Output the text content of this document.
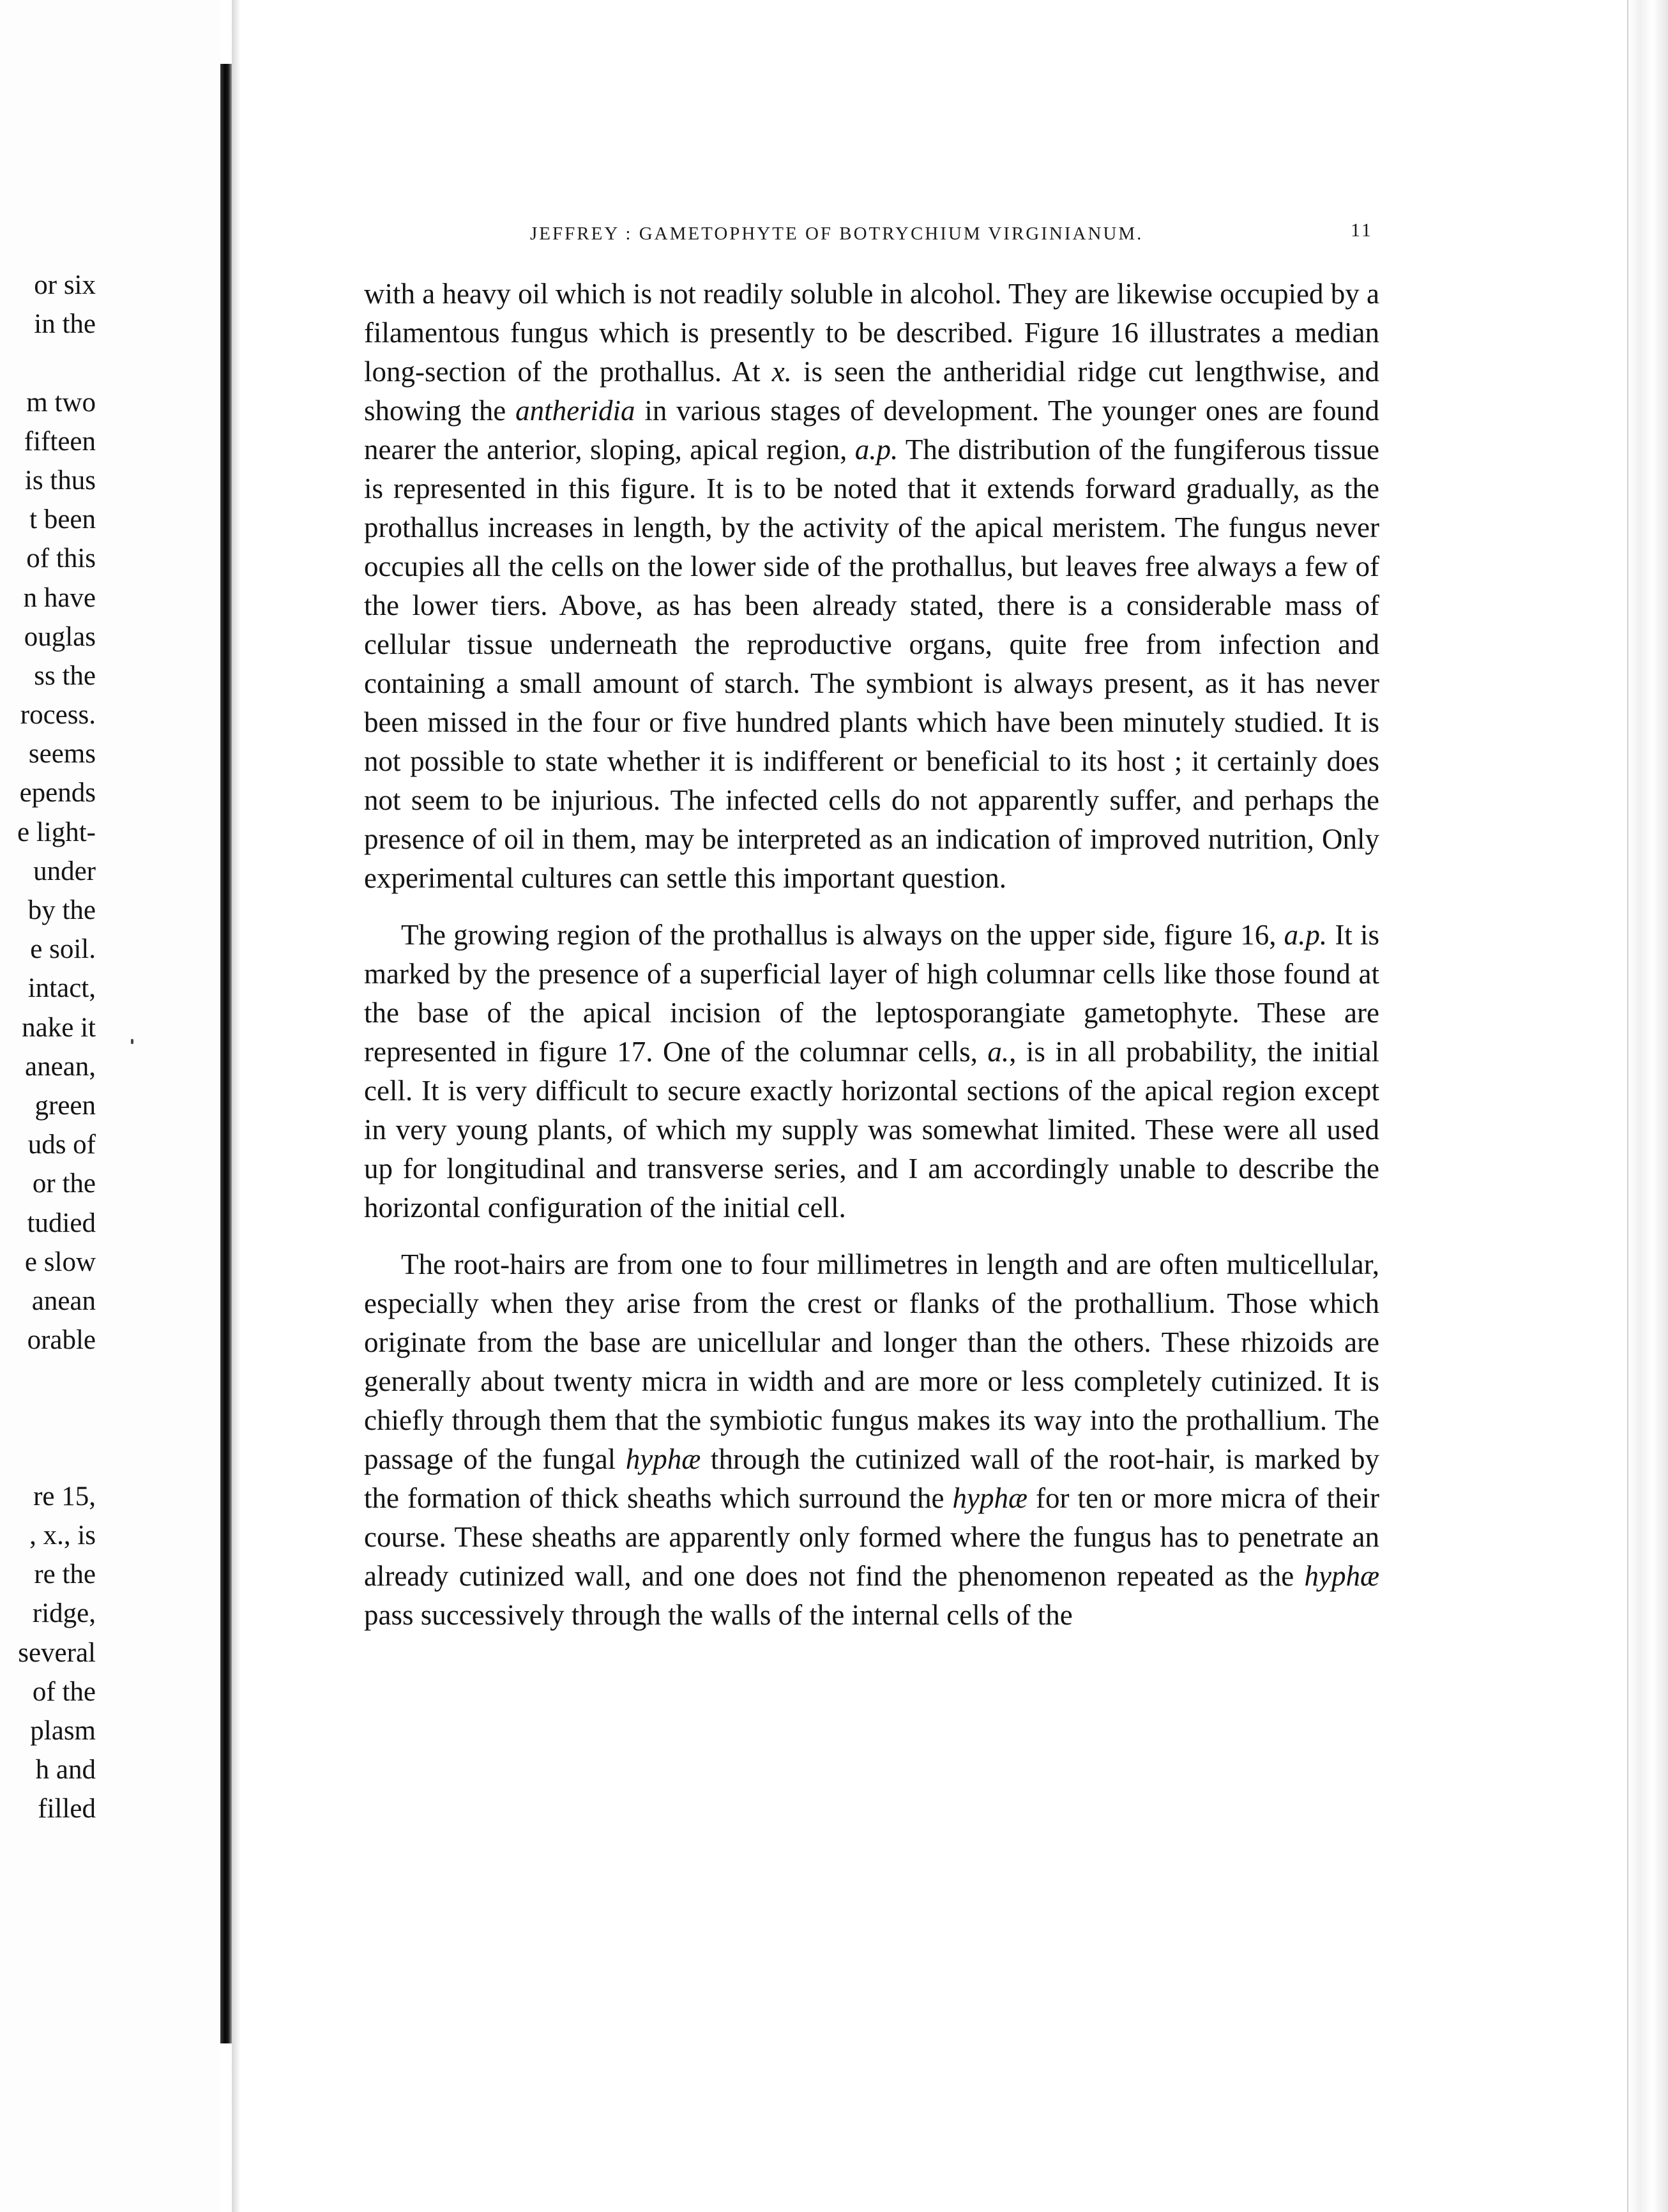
or six
in the
m two
fifteen
is thus
t been
of this
n have
ouglas
ss the
rocess.
seems
epends
e light-
under
by the
e soil.
intact,
nake it
anean,
green
uds of
or the
tudied
e slow
anean
orable
re 15,
, x., is
re the
ridge,
several
of the
plasm
h and
filled
JEFFREY : GAMETOPHYTE OF BOTRYCHIUM VIRGINIANUM.	11

with a heavy oil which is not readily soluble in alcohol. They are likewise occupied by a filamentous fungus which is presently to be described. Figure 16 illustrates a median long-section of the prothallus. At x. is seen the antheridial ridge cut lengthwise, and showing the antheridia in various stages of development. The younger ones are found nearer the anterior, sloping, apical region, a.p. The distribution of the fungiferous tissue is represented in this figure. It is to be noted that it extends forward gradually, as the prothallus increases in length, by the activity of the apical meristem. The fungus never occupies all the cells on the lower side of the prothallus, but leaves free always a few of the lower tiers. Above, as has been already stated, there is a considerable mass of cellular tissue underneath the reproductive organs, quite free from infection and containing a small amount of starch. The symbiont is always present, as it has never been missed in the four or five hundred plants which have been minutely studied. It is not possible to state whether it is indifferent or beneficial to its host ; it certainly does not seem to be injurious. The infected cells do not apparently suffer, and perhaps the presence of oil in them, may be interpreted as an indication of improved nutrition, Only experimental cultures can settle this important question.

The growing region of the prothallus is always on the upper side, figure 16, a.p. It is marked by the presence of a superficial layer of high columnar cells like those found at the base of the apical incision of the leptosporangiate gametophyte. These are represented in figure 17. One of the columnar cells, a., is in all probability, the initial cell. It is very difficult to secure exactly horizontal sections of the apical region except in very young plants, of which my supply was somewhat limited. These were all used up for longitudinal and transverse series, and I am accordingly unable to describe the horizontal configuration of the initial cell.

The root-hairs are from one to four millimetres in length and are often multicellular, especially when they arise from the crest or flanks of the prothallium. Those which originate from the base are unicellular and longer than the others. These rhizoids are generally about twenty micra in width and are more or less completely cutinized. It is chiefly through them that the symbiotic fungus makes its way into the prothallium. The passage of the fungal hyphæ through the cutinized wall of the root-hair, is marked by the formation of thick sheaths which surround the hyphæ for ten or more micra of their course. These sheaths are apparently only formed where the fungus has to penetrate an already cutinized wall, and one does not find the phenomenon repeated as the hyphæ pass successively through the walls of the internal cells of the
